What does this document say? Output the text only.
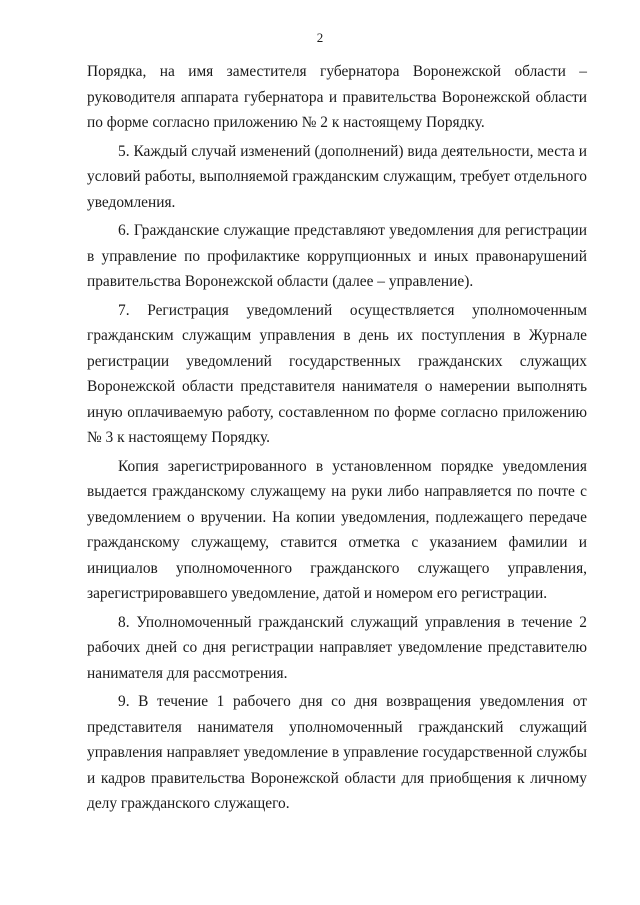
2

Порядка, на имя заместителя губернатора Воронежской области – руководителя аппарата губернатора и правительства Воронежской области по форме согласно приложению № 2 к настоящему Порядку.

5. Каждый случай изменений (дополнений) вида деятельности, места и условий работы, выполняемой гражданским служащим, требует отдельного уведомления.

6. Гражданские служащие представляют уведомления для регистрации в управление по профилактике коррупционных и иных правонарушений правительства Воронежской области (далее – управление).

7. Регистрация уведомлений осуществляется уполномоченным гражданским служащим управления в день их поступления в Журнале регистрации уведомлений государственных гражданских служащих Воронежской области представителя нанимателя о намерении выполнять иную оплачиваемую работу, составленном по форме согласно приложению № 3 к настоящему Порядку.

Копия зарегистрированного в установленном порядке уведомления выдается гражданскому служащему на руки либо направляется по почте с уведомлением о вручении. На копии уведомления, подлежащего передаче гражданскому служащему, ставится отметка с указанием фамилии и инициалов уполномоченного гражданского служащего управления, зарегистрировавшего уведомление, датой и номером его регистрации.

8. Уполномоченный гражданский служащий управления в течение 2 рабочих дней со дня регистрации направляет уведомление представителю нанимателя для рассмотрения.

9. В течение 1 рабочего дня со дня возвращения уведомления от представителя нанимателя уполномоченный гражданский служащий управления направляет уведомление в управление государственной службы и кадров правительства Воронежской области для приобщения к личному делу гражданского служащего.
